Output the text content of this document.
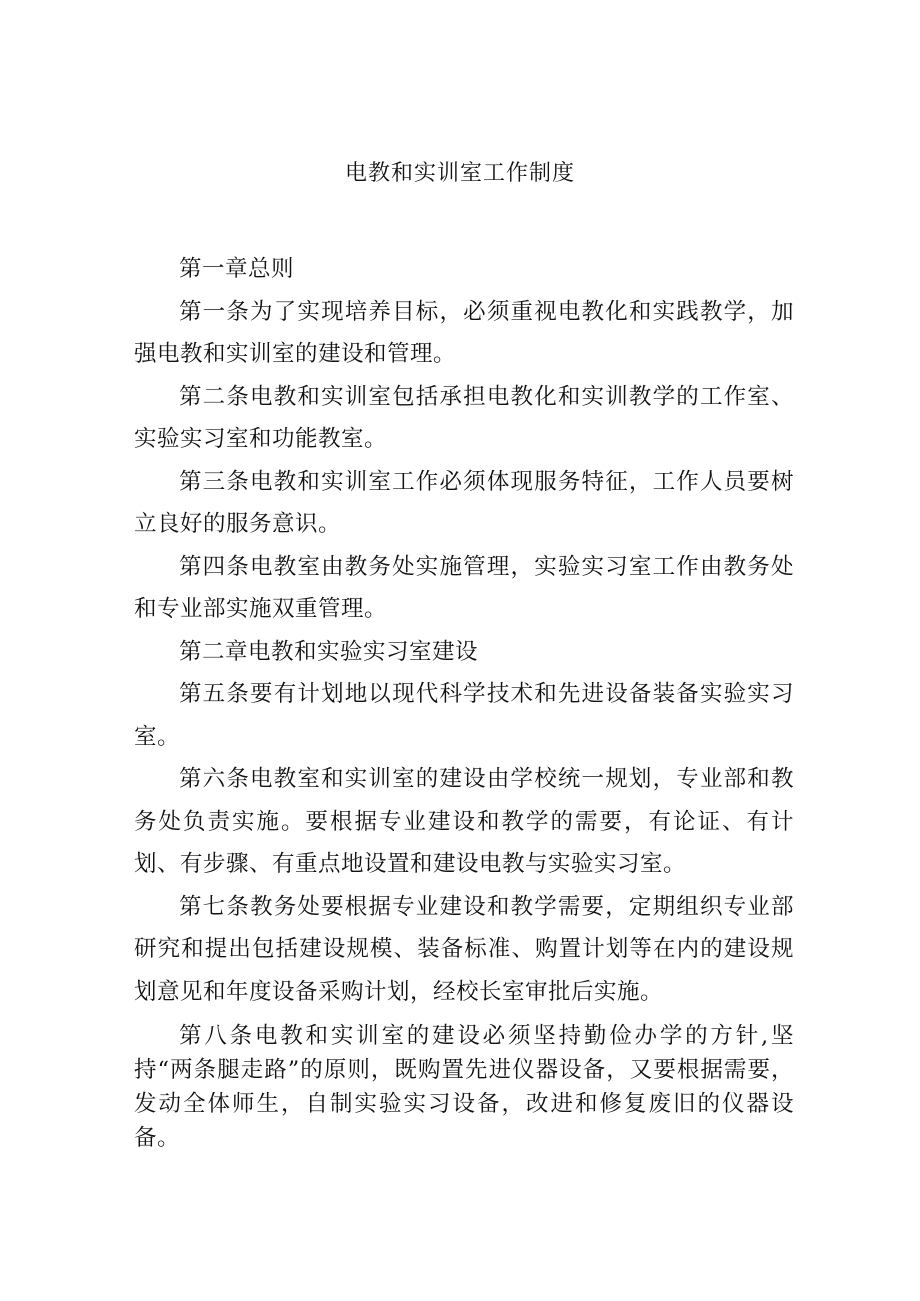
电教和实训室工作制度

第一章总则

第一条为了实现培养目标，必须重视电教化和实践教学，加强电教和实训室的建设和管理。

第二条电教和实训室包括承担电教化和实训教学的工作室、实验实习室和功能教室。

第三条电教和实训室工作必须体现服务特征，工作人员要树立良好的服务意识。

第四条电教室由教务处实施管理，实验实习室工作由教务处和专业部实施双重管理。

第二章电教和实验实习室建设

第五条要有计划地以现代科学技术和先进设备装备实验实习室。

第六条电教室和实训室的建设由学校统一规划，专业部和教务处负责实施。要根据专业建设和教学的需要，有论证、有计划、有步骤、有重点地设置和建设电教与实验实习室。

第七条教务处要根据专业建设和教学需要，定期组织专业部研究和提出包括建设规模、装备标准、购置计划等在内的建设规划意见和年度设备采购计划，经校长室审批后实施。

第八条电教和实训室的建设必须坚持勤俭办学的方针,坚持“两条腿走路”的原则，既购置先进仪器设备，又要根据需要，发动全体师生，自制实验实习设备，改进和修复废旧的仪器设备。
